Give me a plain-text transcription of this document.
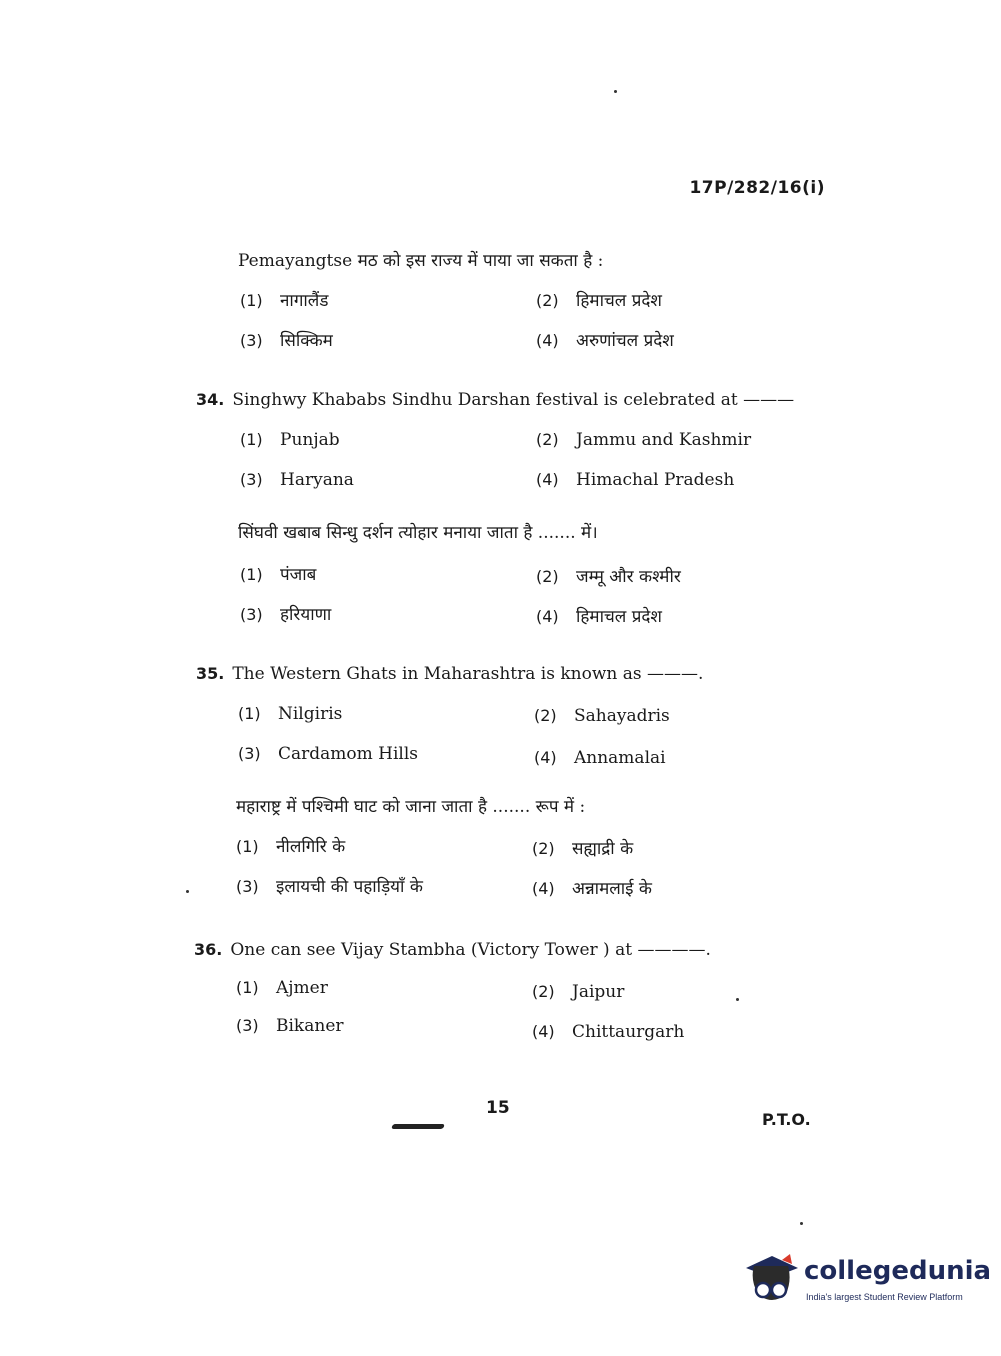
17P/282/16(i)
Pemayangtse मठ को इस राज्य में पाया जा सकता है :
(1) नागालैंड	(2) हिमाचल प्रदेश
(3) सिक्किम	(4) अरुणांचल प्रदेश
34. Singhwy Khababs Sindhu Darshan festival is celebrated at ———
(1) Punjab	(2) Jammu and Kashmir
(3) Haryana	(4) Himachal Pradesh
सिंघवी खबाब सिन्धु दर्शन त्योहार मनाया जाता है ....... में।
(1) पंजाब	(2) जम्मू और कश्मीर
(3) हरियाणा	(4) हिमाचल प्रदेश
35. The Western Ghats in Maharashtra is known as ———.
(1) Nilgiris	(2) Sahayadris
(3) Cardamom Hills	(4) Annamalai
महाराष्ट्र में पश्चिमी घाट को जाना जाता है ....... रूप में :
(1) नीलगिरि के	(2) सह्याद्री के
(3) इलायची की पहाड़ियाँ के	(4) अन्नामलाई के
36. One can see Vijay Stambha (Victory Tower ) at ————.
(1) Ajmer	(2) Jaipur
(3) Bikaner	(4) Chittaurgarh
15
P.T.O.
collegedunia
India's largest Student Review Platform
